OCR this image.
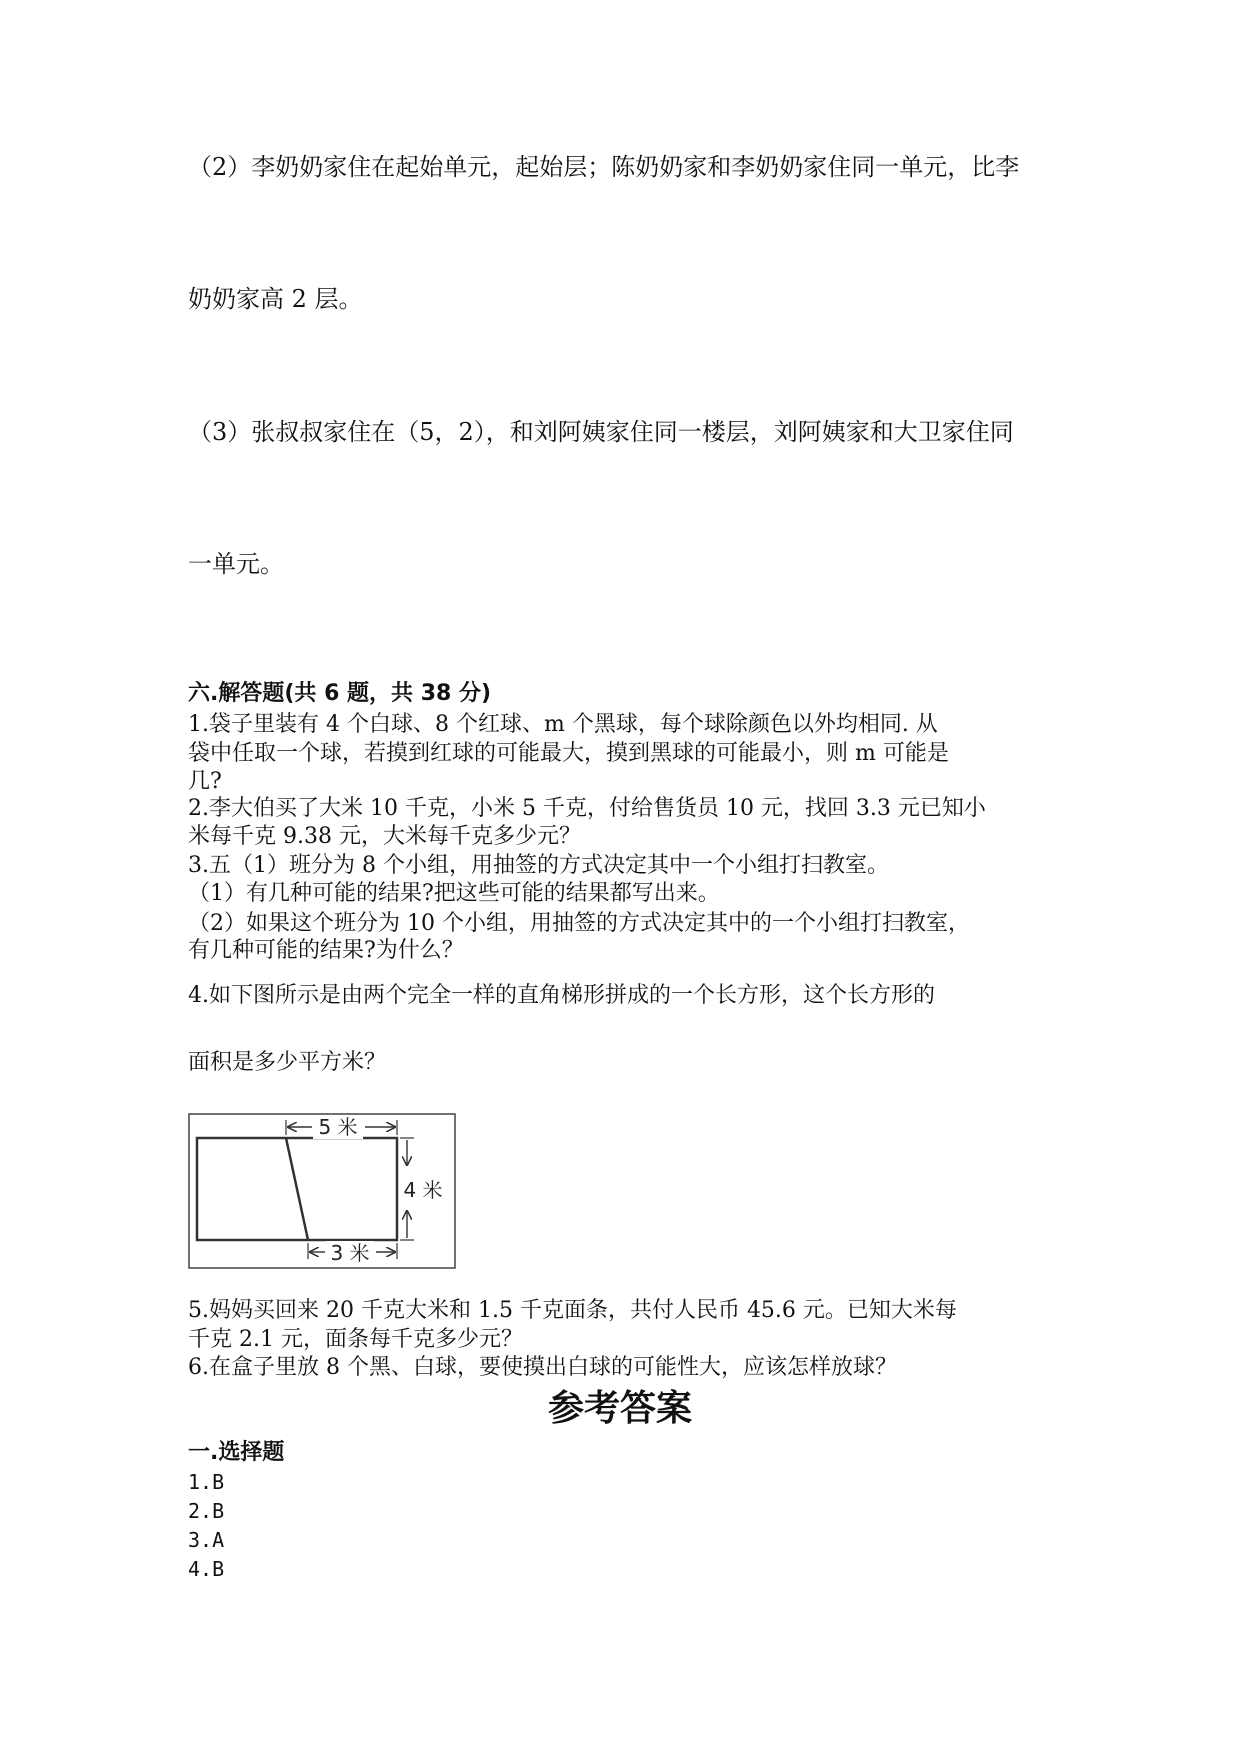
（2）李奶奶家住在起始单元，起始层；陈奶奶家和李奶奶家住同一单元，比李

奶奶家高 2 层。

（3）张叔叔家住在（5，2），和刘阿姨家住同一楼层，刘阿姨家和大卫家住同

一单元。

六.解答题(共 6 题，共 38 分)

1.袋子里装有 4 个白球、8 个红球、m 个黑球，每个球除颜色以外均相同. 从

袋中任取一个球，若摸到红球的可能最大，摸到黑球的可能最小，则 m 可能是

几?

2.李大伯买了大米 10 千克，小米 5 千克，付给售货员 10 元，找回 3.3 元已知小

米每千克 9.38 元，大米每千克多少元？

3.五（1）班分为 8 个小组，用抽签的方式决定其中一个小组打扫教室。

（1）有几种可能的结果?把这些可能的结果都写出来。

（2）如果这个班分为 10 个小组，用抽签的方式决定其中的一个小组打扫教室，

有几种可能的结果?为什么？

4.如下图所示是由两个完全一样的直角梯形拼成的一个长方形，这个长方形的

面积是多少平方米？

5 米
4 米
3 米

5.妈妈买回来 20 千克大米和 1.5 千克面条，共付人民币 45.6 元。已知大米每

千克 2.1 元，面条每千克多少元？

6.在盒子里放 8 个黑、白球，要使摸出白球的可能性大，应该怎样放球？

参考答案

一.选择题

1.B

2.B

3.A

4.B
